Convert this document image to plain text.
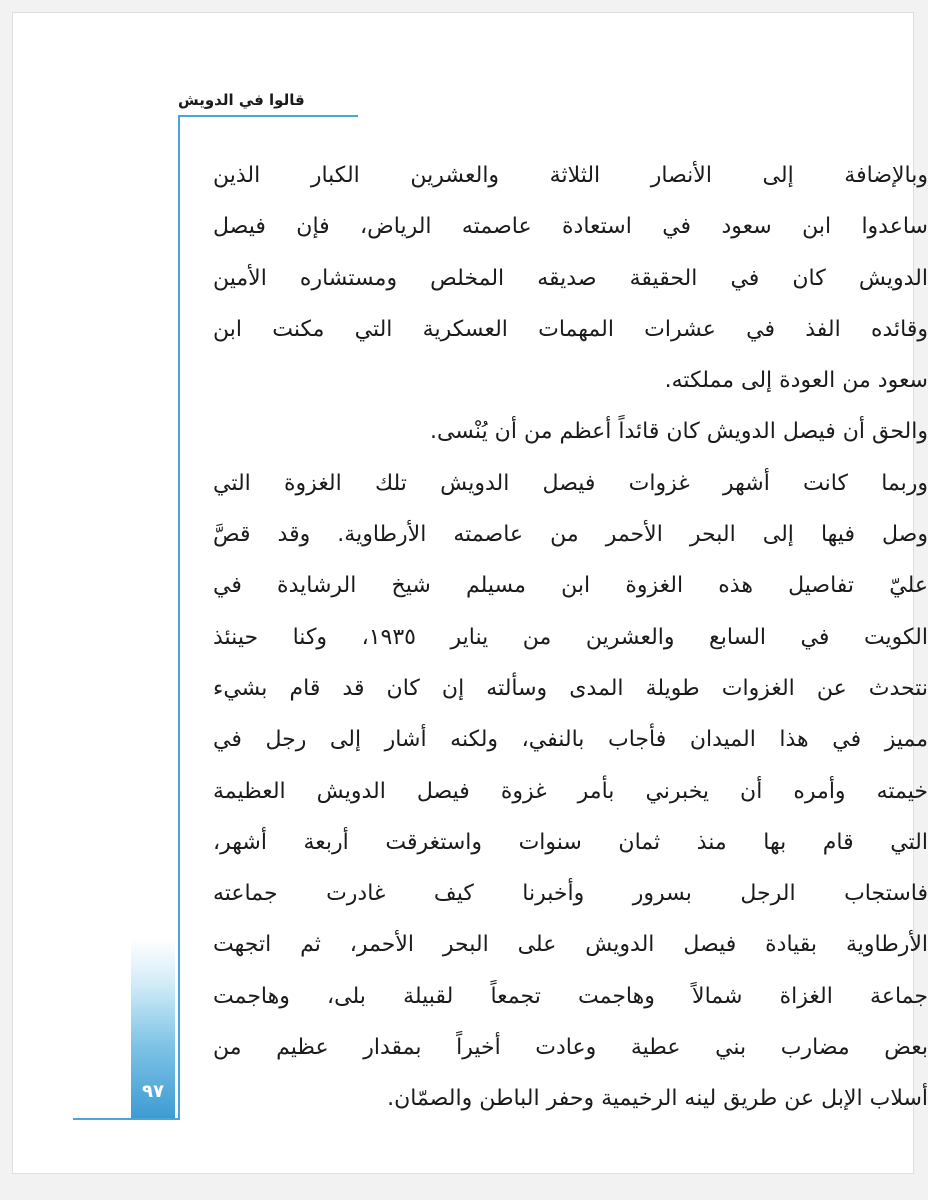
قالوا في الدويش
٩٧
وبالإضافة إلى الأنصار الثلاثة والعشرين الكبار الذين
ساعدوا ابن سعود في استعادة عاصمته الرياض، فإن فيصل
الدويش كان في الحقيقة صديقه المخلص ومستشاره الأمين
وقائده الفذ في عشرات المهمات العسكرية التي مكنت ابن
سعود من العودة إلى مملكته.
والحق أن فيصل الدويش كان قائداً أعظم من أن يُنْسى.
وربما كانت أشهر غزوات فيصل الدويش تلك الغزوة التي
وصل فيها إلى البحر الأحمر من عاصمته الأرطاوية. وقد قصَّ
عليّ تفاصيل هذه الغزوة ابن مسيلم شيخ الرشايدة في
الكويت في السابع والعشرين من يناير ١٩٣٥، وكنا حينئذ
نتحدث عن الغزوات طويلة المدى وسألته إن كان قد قام بشيء
مميز في هذا الميدان فأجاب بالنفي، ولكنه أشار إلى رجل في
خيمته وأمره أن يخبرني بأمر غزوة فيصل الدويش العظيمة
التي قام بها منذ ثمان سنوات واستغرقت أربعة أشهر،
فاستجاب الرجل بسرور وأخبرنا كيف غادرت جماعته
الأرطاوية بقيادة فيصل الدويش على البحر الأحمر، ثم اتجهت
جماعة الغزاة شمالاً وهاجمت تجمعاً لقبيلة بلى، وهاجمت
بعض مضارب بني عطية وعادت أخيراً بمقدار عظيم من
أسلاب الإبل عن طريق لينه الرخيمية وحفر الباطن والصمّان.
